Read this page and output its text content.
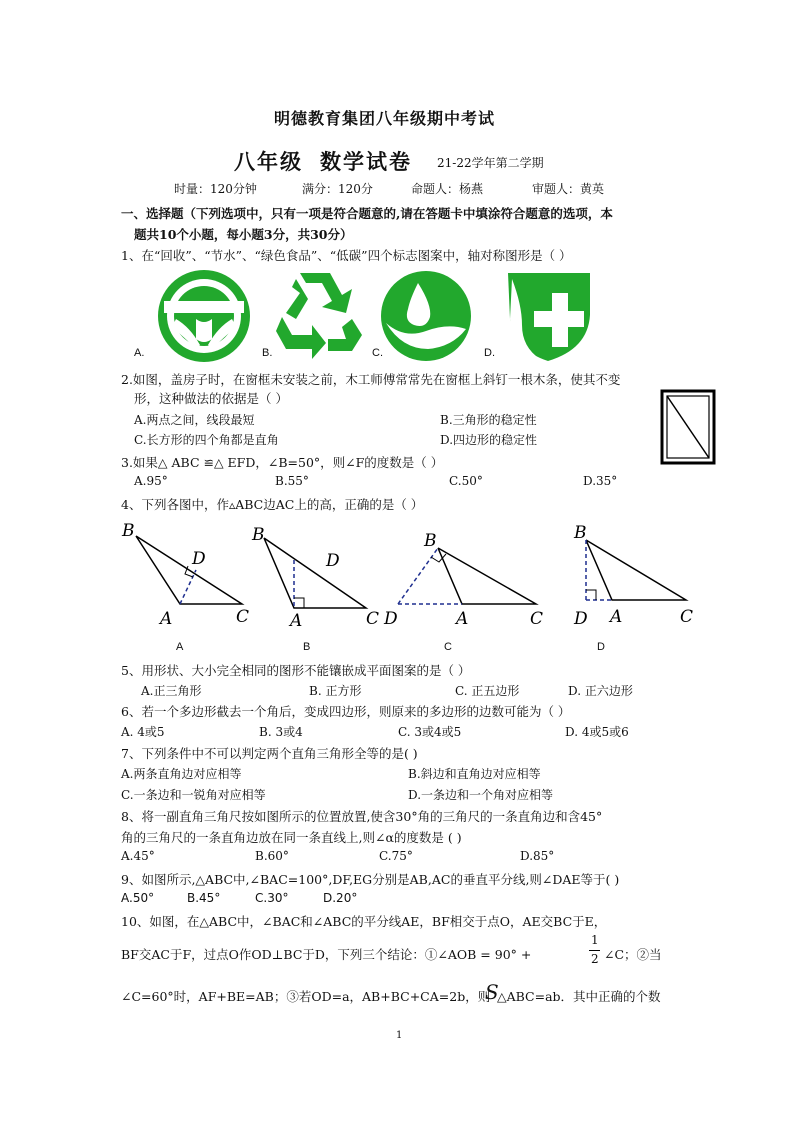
明德教育集团八年级期中考试
八年级 数学试卷 21-22学年第二学期
时量：120分钟	满分：120分	命题人：杨燕	审题人：黄英
一、选择题（下列选项中，只有一项是符合题意的,请在答题卡中填涂符合题意的选项，本
题共10个小题，每小题3分，共30分）
1、在“回收”、“节水”、“绿色食品”、“低碳”四个标志图案中，轴对称图形是（ ）
A.	B.	C.	D.
2.如图，盖房子时，在窗框未安装之前，木工师傅常常先在窗框上斜钉一根木条，使其不变
形，这种做法的依据是（ ）
A.两点之间，线段最短	B.三角形的稳定性
C.长方形的四个角都是直角	D.四边形的稳定性
3.如果△ ABC ≌△ EFD，∠B=50°，则∠F的度数是（ ）
A.95°	B.55°	C.50°	D.35°
4、下列各图中，作▵ABC边AC上的高，正确的是（ ）
B
D
A	C
B
D
A	C
B
D	A	C
B
D A	C
A	B	C	D
5、用形状、大小完全相同的图形不能镶嵌成平面图案的是（ ）
A.正三角形	B. 正方形	C. 正五边形	D. 正六边形
6、若一个多边形截去一个角后，变成四边形，则原来的多边形的边数可能为（ ）
A. 4或5	B. 3或4	C. 3或4或5	D. 4或5或6
7、下列条件中不可以判定两个直角三角形全等的是( )
A.两条直角边对应相等	B.斜边和直角边对应相等
C.一条边和一锐角对应相等	D.一条边和一个角对应相等
8、将一副直角三角尺按如图所示的位置放置,使含30°角的三角尺的一条直角边和含45°
角的三角尺的一条直角边放在同一条直线上,则∠α的度数是 ( )
A.45°	B.60°	C.75°	D.85°
9、如图所示,△ABC中,∠BAC=100°,DF,EG分别是AB,AC的垂直平分线,则∠DAE等于( )
A.50°	B.45°	C.30°	D.20°
10、如图，在△ABC中，∠BAC和∠ABC的平分线AE，BF相交于点O，AE交BC于E，
BF交AC于F，过点O作OD⊥BC于D，下列三个结论：①∠AOB = 90° +
1
2 ∠C；②当
∠C=60°时，AF+BE=AB；③若OD=a，AB+BC+CA=2b，则
S
△ABC=ab．其中正确的个数
1
